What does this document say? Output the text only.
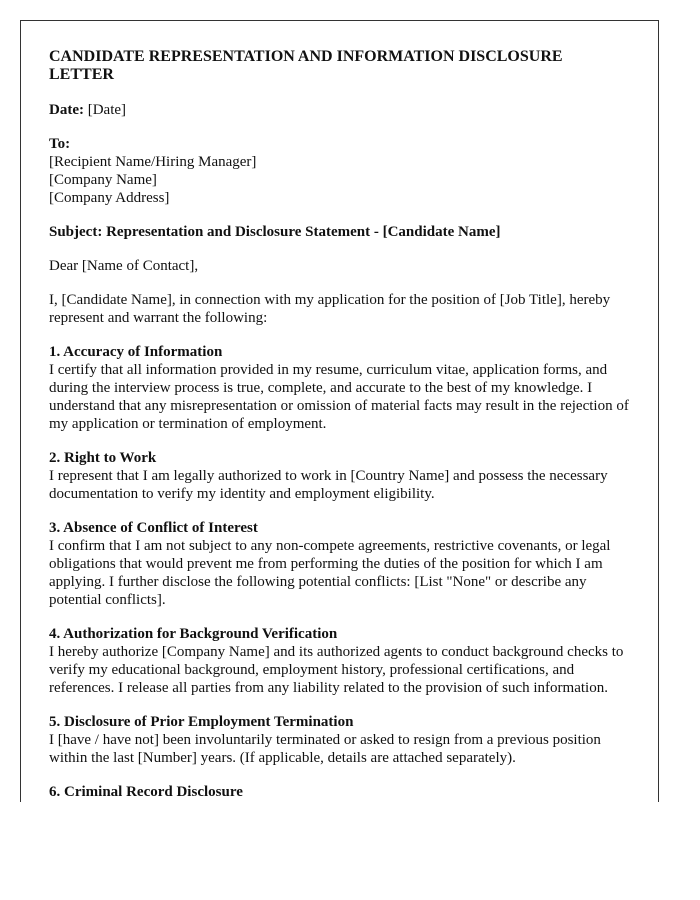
CANDIDATE REPRESENTATION AND INFORMATION DISCLOSURE LETTER

Date: [Date]

To:
[Recipient Name/Hiring Manager]
[Company Name]
[Company Address]

Subject: Representation and Disclosure Statement - [Candidate Name]

Dear [Name of Contact],

I, [Candidate Name], in connection with my application for the position of [Job Title], hereby represent and warrant the following:

1. Accuracy of Information
I certify that all information provided in my resume, curriculum vitae, application forms, and during the interview process is true, complete, and accurate to the best of my knowledge. I understand that any misrepresentation or omission of material facts may result in the rejection of my application or termination of employment.

2. Right to Work
I represent that I am legally authorized to work in [Country Name] and possess the necessary documentation to verify my identity and employment eligibility.

3. Absence of Conflict of Interest
I confirm that I am not subject to any non-compete agreements, restrictive covenants, or legal obligations that would prevent me from performing the duties of the position for which I am applying. I further disclose the following potential conflicts: [List "None" or describe any potential conflicts].

4. Authorization for Background Verification
I hereby authorize [Company Name] and its authorized agents to conduct background checks to verify my educational background, employment history, professional certifications, and references. I release all parties from any liability related to the provision of such information.

5. Disclosure of Prior Employment Termination
I [have / have not] been involuntarily terminated or asked to resign from a previous position within the last [Number] years. (If applicable, details are attached separately).

6. Criminal Record Disclosure
